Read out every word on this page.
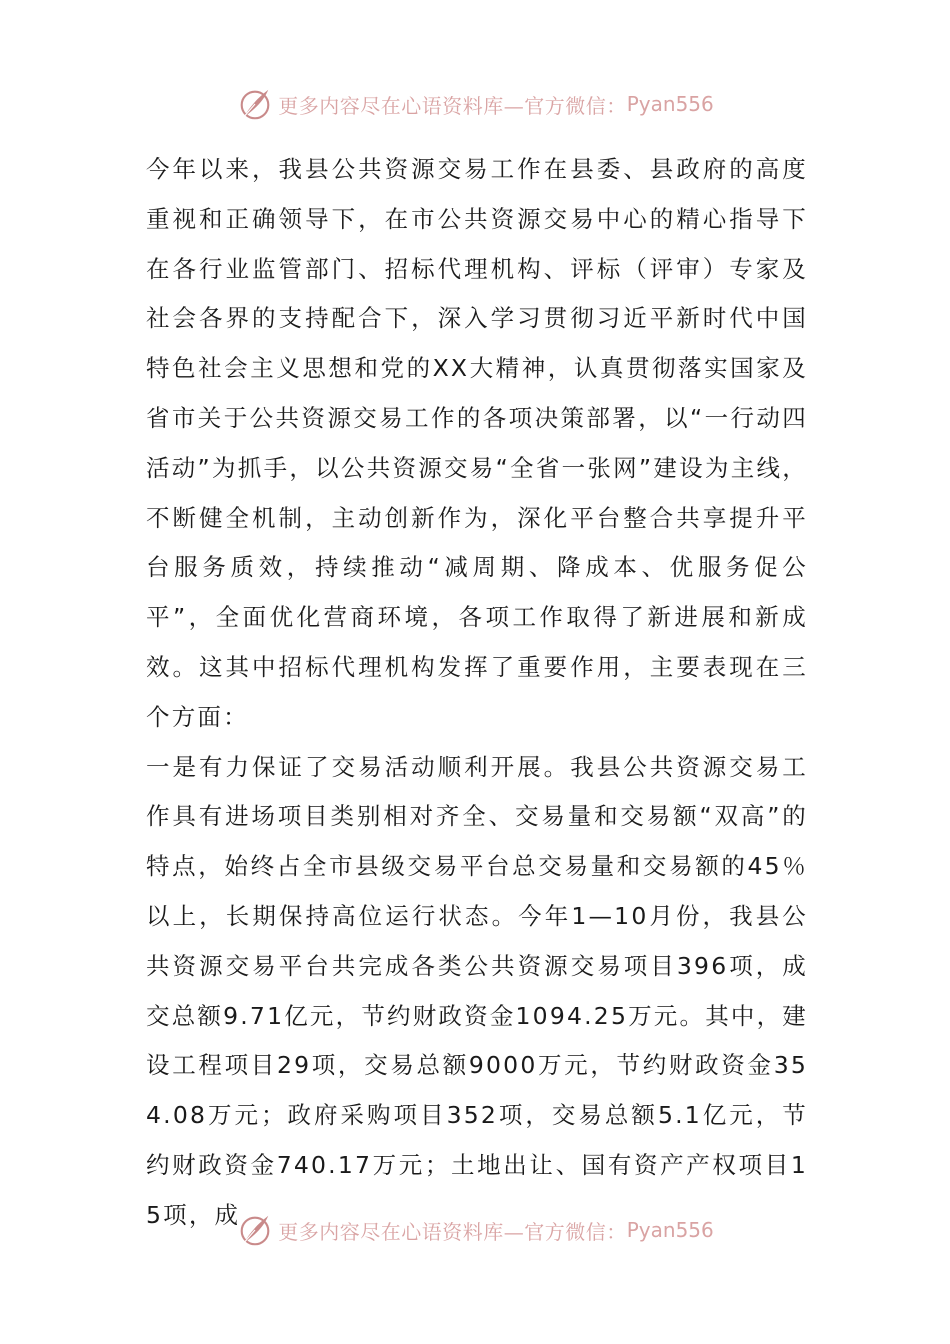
更多内容尽在心语资料库—官方微信： Pyan556

今年以来，我县公共资源交易工作在县委、县政府的高度重视和正确领导下，在市公共资源交易中心的精心指导下在各行业监管部门、招标代理机构、评标（评审）专家及社会各界的支持配合下，深入学习贯彻习近平新时代中国特色社会主义思想和党的XX大精神，认真贯彻落实国家及省市关于公共资源交易工作的各项决策部署，以“一行动四活动”为抓手，以公共资源交易“全省一张网”建设为主线，不断健全机制，主动创新作为，深化平台整合共享提升平台服务质效，持续推动“减周期、降成本、优服务促公平”，全面优化营商环境，各项工作取得了新进展和新成效。这其中招标代理机构发挥了重要作用，主要表现在三个方面：

一是有力保证了交易活动顺利开展。我县公共资源交易工作具有进场项目类别相对齐全、交易量和交易额“双高”的特点，始终占全市县级交易平台总交易量和交易额的45％以上，长期保持高位运行状态。今年1—10月份，我县公共资源交易平台共完成各类公共资源交易项目396项，成交总额9.71亿元，节约财政资金1094.25万元。其中，建设工程项目29项，交易总额9000万元，节约财政资金354.08万元；政府采购项目352项，交易总额5.1亿元，节约财政资金740.17万元；土地出让、国有资产产权项目15项，成

更多内容尽在心语资料库—官方微信： Pyan556
